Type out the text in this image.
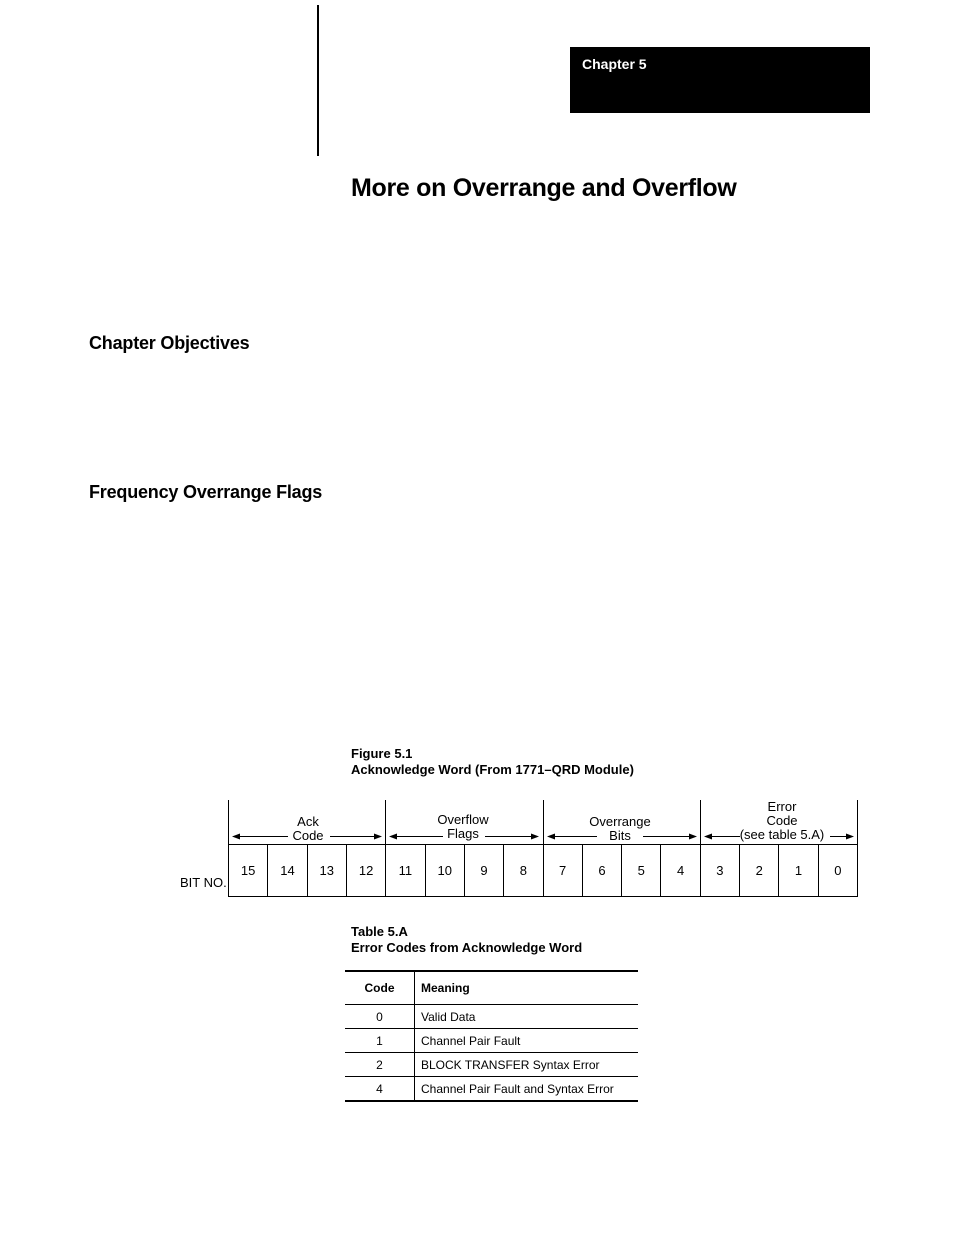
Chapter 5
More on Overrange and Overflow
Chapter Objectives
Frequency Overrange Flags
Figure 5.1
Acknowledge Word (From 1771–QRD Module)
Ack
Code
Overflow
Flags
Overrange
Bits
Error
Code
(see table 5.A)
15	14	13	12	11	10	9	8	7	6	5	4	3	2	1	0
BIT NO.
Table 5.A
Error Codes from Acknowledge Word
Code	Meaning
0	Valid Data
1	Channel Pair Fault
2	BLOCK TRANSFER Syntax Error
4	Channel Pair Fault and Syntax Error
